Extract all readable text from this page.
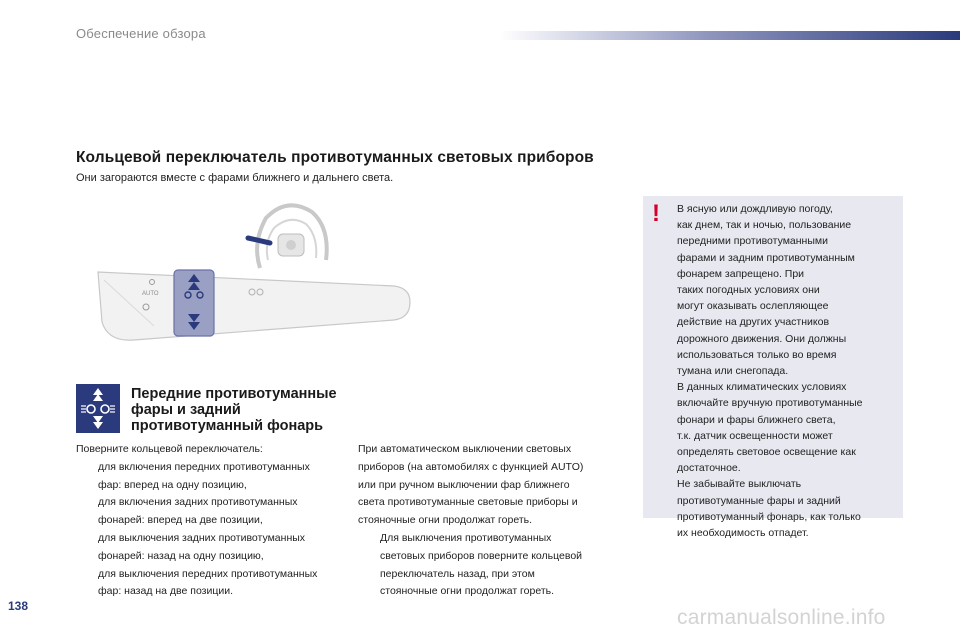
Обеспечение обзора
Кольцевой переключатель противотуманных световых приборов
Они загораются вместе с фарами ближнего и дальнего света.
AUTO
Передние противотуманные
фары и задний
противотуманный фонарь
Поверните кольцевой переключатель:
для включения передних противотуманных
фар: вперед на одну позицию,
для включения задних противотуманных
фонарей: вперед на две позиции,
для выключения задних противотуманных
фонарей: назад на одну позицию,
для выключения передних противотуманных
фар: назад на две позиции.
При автоматическом выключении световых
приборов (на автомобилях с функцией AUTO)
или при ручном выключении фар ближнего
света противотуманные световые приборы и
стояночные огни продолжат гореть.
Для выключения противотуманных
световых приборов поверните кольцевой
переключатель назад, при этом
стояночные огни продолжат гореть.
! В ясную или дождливую погоду,
как днем, так и ночью, пользование
передними противотуманными
фарами и задним противотуманным
фонарем запрещено. При
таких погодных условиях они
могут оказывать ослепляющее
действие на других участников
дорожного движения. Они должны
использоваться только во время
тумана или снегопада.
В данных климатических условиях
включайте вручную противотуманные
фонари и фары ближнего света,
т.к. датчик освещенности может
определять световое освещение как
достаточное.
Не забывайте выключать
противотуманные фары и задний
противотуманный фонарь, как только
их необходимость отпадет.
138	carmanualsonline.info
